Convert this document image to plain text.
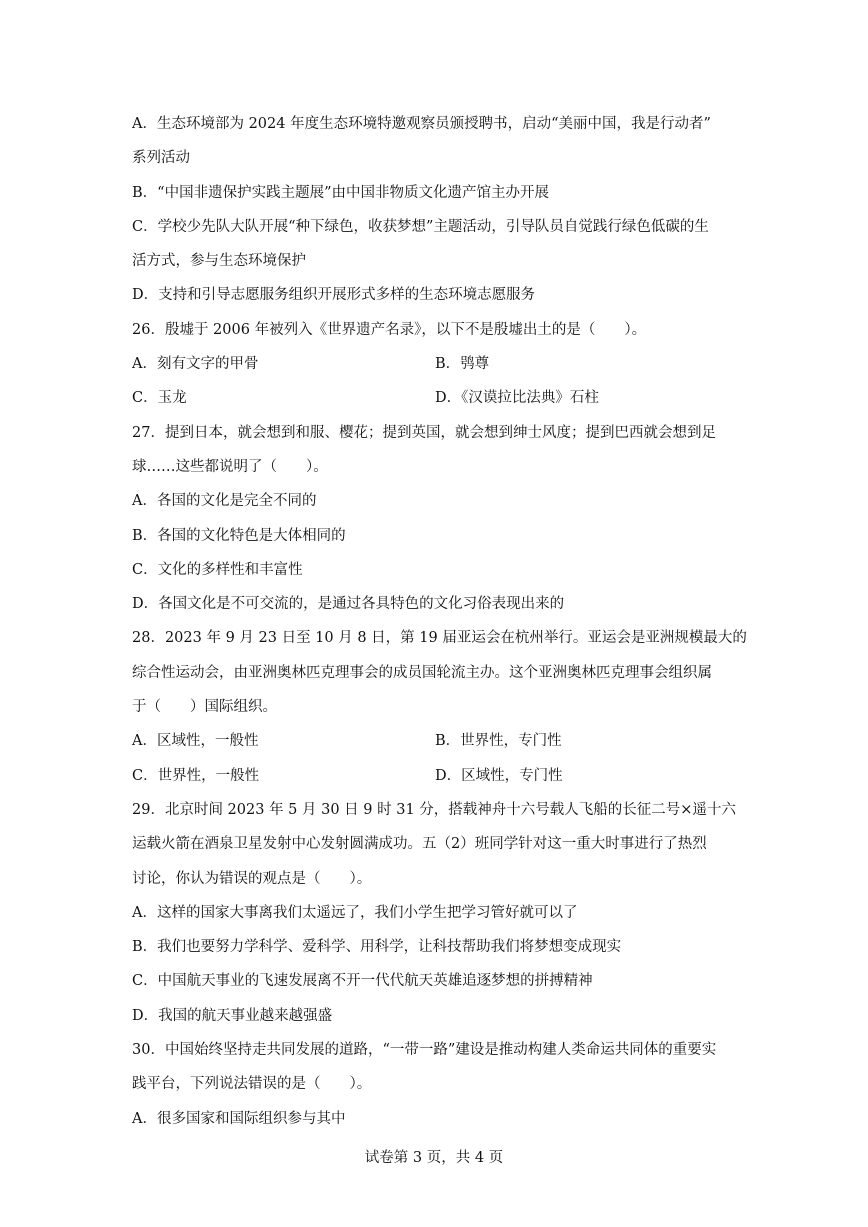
A．生态环境部为 2024 年度生态环境特邀观察员颁授聘书，启动“美丽中国，我是行动者”
系列活动
B．“中国非遗保护实践主题展”由中国非物质文化遗产馆主办开展
C．学校少先队大队开展“种下绿色，收获梦想”主题活动，引导队员自觉践行绿色低碳的生
活方式，参与生态环境保护
D．支持和引导志愿服务组织开展形式多样的生态环境志愿服务
26．殷墟于 2006 年被列入《世界遗产名录》，以下不是殷墟出土的是（　　）。
A．刻有文字的甲骨	B．鸮尊
C．玉龙	D．《汉谟拉比法典》石柱
27．提到日本，就会想到和服、樱花；提到英国，就会想到绅士风度；提到巴西就会想到足
球……这些都说明了（　　）。
A．各国的文化是完全不同的
B．各国的文化特色是大体相同的
C．文化的多样性和丰富性
D．各国文化是不可交流的，是通过各具特色的文化习俗表现出来的
28．2023 年 9 月 23 日至 10 月 8 日，第 19 届亚运会在杭州举行。亚运会是亚洲规模最大的
综合性运动会，由亚洲奥林匹克理事会的成员国轮流主办。这个亚洲奥林匹克理事会组织属
于（　　）国际组织。
A．区域性，一般性	B．世界性，专门性
C．世界性，一般性	D．区域性，专门性
29．北京时间 2023 年 5 月 30 日 9 时 31 分，搭载神舟十六号载人飞船的长征二号×遥十六
运载火箭在酒泉卫星发射中心发射圆满成功。五（2）班同学针对这一重大时事进行了热烈
讨论，你认为错误的观点是（　　）。
A．这样的国家大事离我们太遥远了，我们小学生把学习管好就可以了
B．我们也要努力学科学、爱科学、用科学，让科技帮助我们将梦想变成现实
C．中国航天事业的飞速发展离不开一代代航天英雄追逐梦想的拼搏精神
D．我国的航天事业越来越强盛
30．中国始终坚持走共同发展的道路，“一带一路”建设是推动构建人类命运共同体的重要实
践平台，下列说法错误的是（　　）。
A．很多国家和国际组织参与其中
试卷第 3 页，共 4 页
